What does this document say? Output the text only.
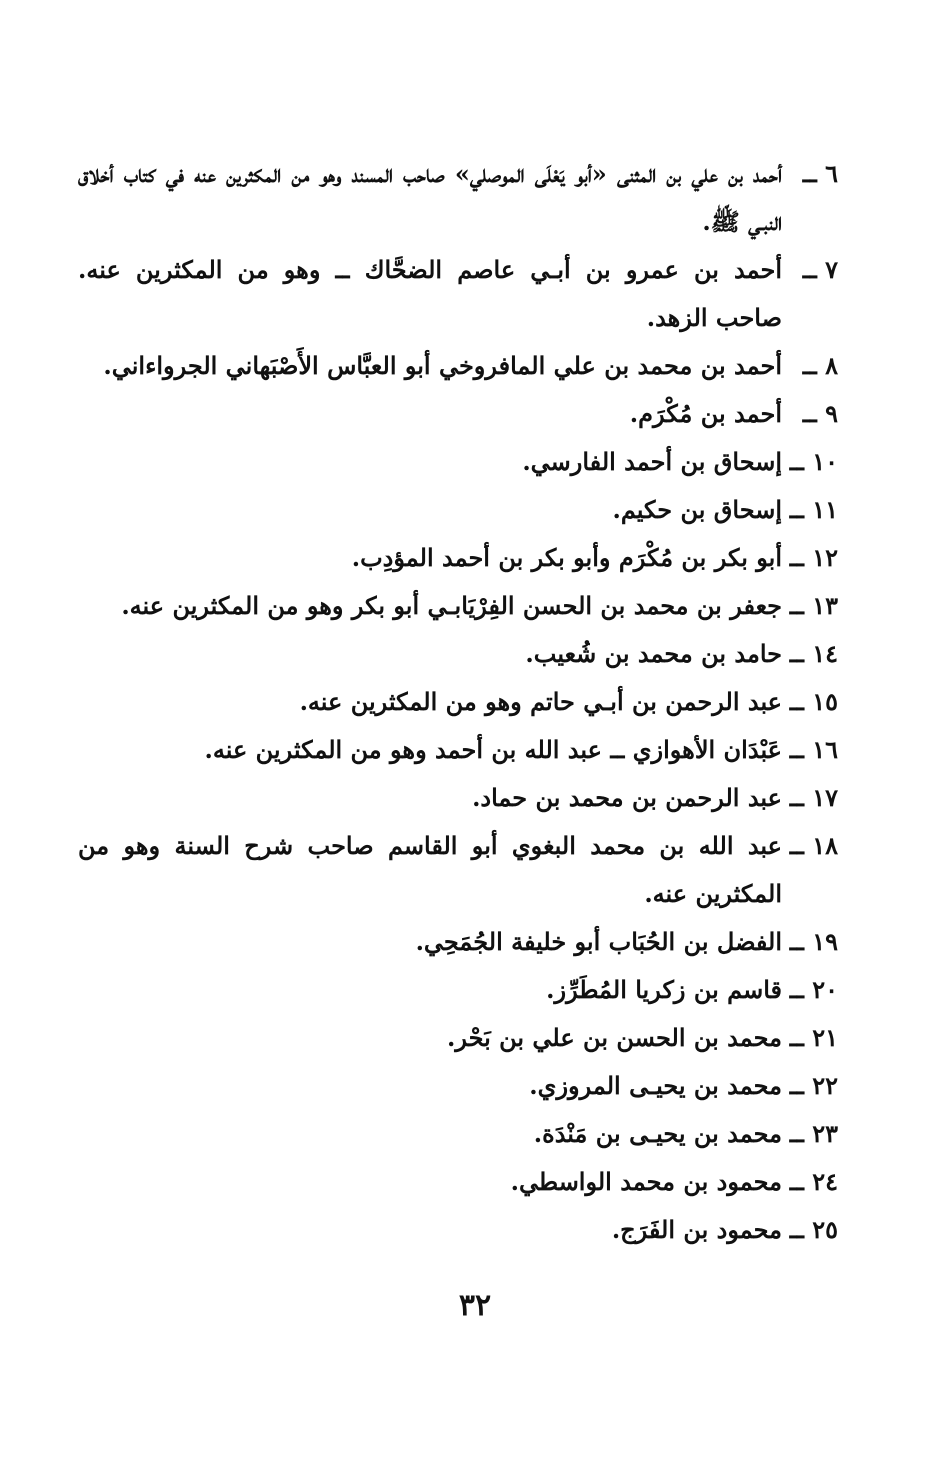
٦ ــأحمد بن علي بن المثنى «أبو يَعْلَى الموصلي» صاحب المسند وهو من المكثرين عنه في كتاب أخلاق النبـي ﷺ.

٧ ــأحمد بن عمرو بن أبـي عاصم الضحَّاك ــ وهو من المكثرين عنه. صاحب الزهد.

٨ ــأحمد بن محمد بن علي المافروخي أبو العبَّاس الأَصْبَهاني الجرواءاني.

٩ ــأحمد بن مُكْرَم.

١٠ ــإسحاق بن أحمد الفارسي.

١١ ــإسحاق بن حكيم.

١٢ ــأبو بكر بن مُكْرَم وأبو بكر بن أحمد المؤدِب.

١٣ ــجعفر بن محمد بن الحسن الفِرْيَابـي أبو بكر وهو من المكثرين عنه.

١٤ ــحامد بن محمد بن شُعيب.

١٥ ــعبد الرحمن بن أبـي حاتم وهو من المكثرين عنه.

١٦ ــعَبْدَان الأهوازي ــ عبد الله بن أحمد وهو من المكثرين عنه.

١٧ ــعبد الرحمن بن محمد بن حماد.

١٨ ــعبد الله بن محمد البغوي أبو القاسم صاحب شرح السنة وهو من المكثرين عنه.

١٩ ــالفضل بن الحُبَاب أبو خليفة الجُمَحِي.

٢٠ ــقاسم بن زكريا المُطَرِّز.

٢١ ــمحمد بن الحسن بن علي بن بَحْر.

٢٢ ــمحمد بن يحيـى المروزي.

٢٣ ــمحمد بن يحيـى بن مَنْدَة.

٢٤ ــمحمود بن محمد الواسطي.

٢٥ ــمحمود بن الفَرَج.

٣٢
